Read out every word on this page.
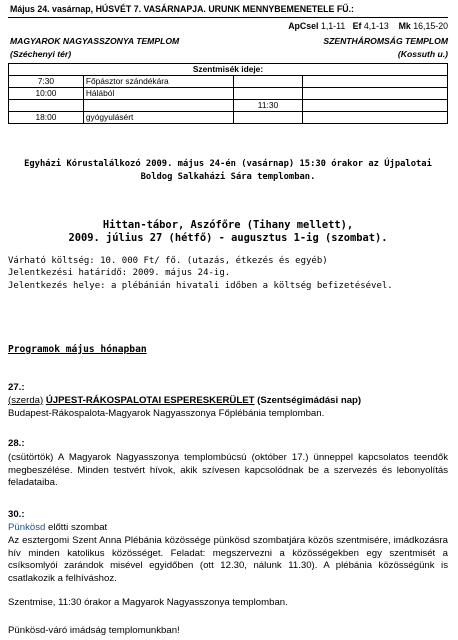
Május 24. vasárnap, HÚSVÉT 7. VASÁRNAPJA. URUNK MENNYBEMENETELE FŰ.:
ApCsel 1,1-11 Ef 4,1-13 Mk 16,15-20
MAGYAROK NAGYASSZONYA TEMPLOM	SZENTHÁROMSÁG TEMPLOM
(Széchenyi tér)	(Kossuth u.)
Szentmisék ideje:			
7:30	Főpásztor szándékára		
10:00	Hálából		
		11:30	
18:00	gyógyulásért		
Egyházi Kórustalálkozó 2009. május 24-én (vasárnap) 15:30 órakor az Újpalotai
Boldog Salkaházi Sára templomban.
Hittan-tábor, Aszófőre (Tihany mellett),
2009. július 27 (hétfő) - augusztus 1-ig (szombat).
Várható költség: 10. 000 Ft/ fő. (utazás, étkezés és egyéb)
Jelentkezési határidő: 2009. május 24-ig.
Jelentkezés helye: a plébánián hivatali időben a költség befizetésével.
Programok május hónapban
27.:
(szerda) ÚJPEST-RÁKOSPALOTAI ESPERESKERÜLET (Szentségimádási nap)
Budapest-Rákospalota-Magyarok Nagyasszonya Főplébánia templomban.
28.:
(csütörtök) A Magyarok Nagyasszonya templombúcsú (október 17.) ünneppel kapcsolatos teendők megbeszélése. Minden testvért hívok, akik szívesen kapcsolódnak be a szervezés és lebonyolítás feladataiba.
30.:
Pünkösd előtti szombat
Az esztergomi Szent Anna Plébánia közössége pünkösd szombatjára közös szentmisére, imádkozásra hív minden katolikus közösséget. Feladat: megszervezni a közösségekben egy szentmisét a csíksomlyói zarándok misével egyidőben (ott 12.30, nálunk 11.30). A plébánia közösségünk is csatlakozik a felhíváshoz.
Szentmise, 11:30 órakor a Magyarok Nagyasszonya templomban.
Pünkösd-váró imádság templomunkban!
